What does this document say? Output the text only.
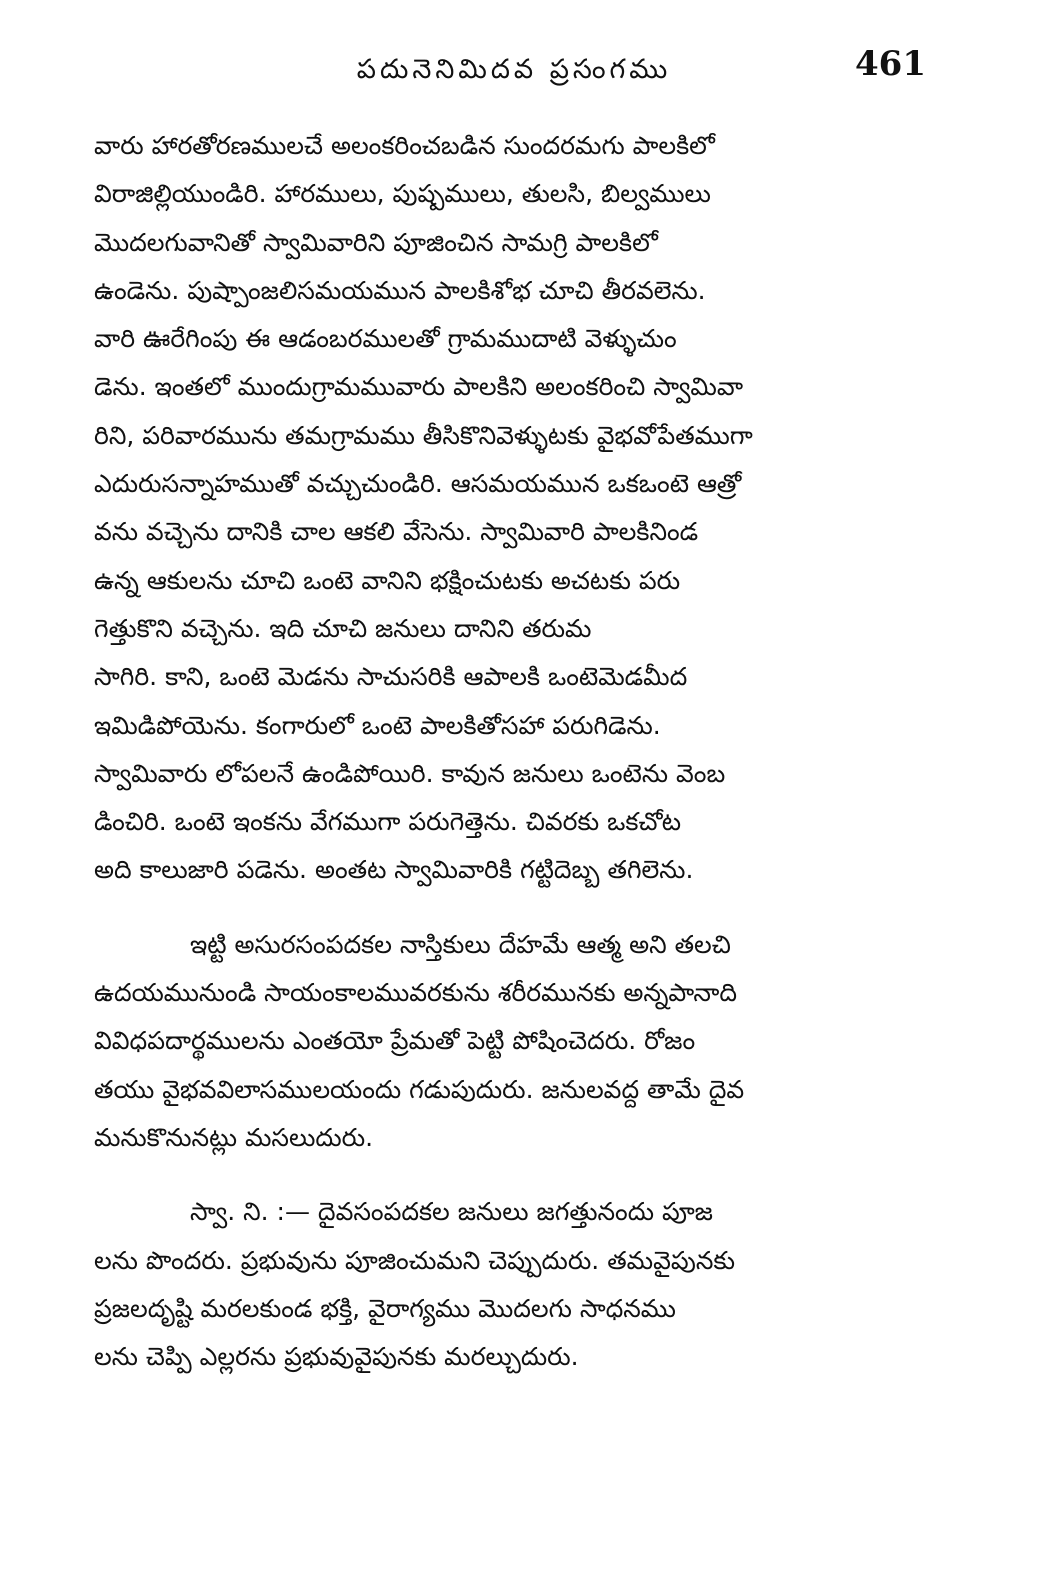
పదునెనిమిదవ ప్రసంగము	461

వారు హారతోరణములచే అలంకరించబడిన సుందరమగు పాలకిలో
విరాజిల్లియుండిరి. హారములు, పుష్పములు, తులసి, బిల్వములు
మొదలగువానితో స్వామివారిని పూజించిన సామగ్రి పాలకిలో
ఉండెను. పుష్పాంజలిసమయమున పాలకిశోభ చూచి తీరవలెను.
వారి ఊరేగింపు ఈ ఆడంబరములతో గ్రామముదాటి వెళ్ళుచుం
డెను. ఇంతలో ముందుగ్రామమువారు పాలకిని అలంకరించి స్వామివా
రిని, పరివారమును తమగ్రామము తీసికొనివెళ్ళుటకు వైభవోపేతముగా
ఎదురుసన్నాహముతో వచ్చుచుండిరి. ఆసమయమున ఒకఒంటె ఆత్రో
వను వచ్చెను దానికి చాల ఆకలి వేసెను. స్వామివారి పాలకినిండ
ఉన్న ఆకులను చూచి ఒంటె వానిని భక్షించుటకు అచటకు పరు
గెత్తుకొని వచ్చెను. ఇది చూచి జనులు దానిని తరుమ
సాగిరి. కాని, ఒంటె మెడను సాచుసరికి ఆపాలకి ఒంటెమెడమీద
ఇమిడిపోయెను. కంగారులో ఒంటె పాలకితోసహా పరుగిడెను.
స్వామివారు లోపలనే ఉండిపోయిరి. కావున జనులు ఒంటెను వెంబ
డించిరి. ఒంటె ఇంకను వేగముగా పరుగెత్తెను. చివరకు ఒకచోట
అది కాలుజారి పడెను. అంతట స్వామివారికి గట్టిదెబ్బ తగిలెను.

ఇట్టి అసురసంపదకల నాస్తికులు దేహమే ఆత్మ అని తలచి
ఉదయమునుండి సాయంకాలమువరకును శరీరమునకు అన్నపానాది
వివిధపదార్థములను ఎంతయో ప్రేమతో పెట్టి పోషించెదరు. రోజం
తయు వైభవవిలాసములయందు గడుపుదురు. జనులవద్ద తామే దైవ
మనుకొనునట్లు మసలుదురు.

స్వా. ని. :— దైవసంపదకల జనులు జగత్తునందు పూజ
లను పొందరు. ప్రభువును పూజించుమని చెప్పుదురు. తమవైపునకు
ప్రజలదృష్టి మరలకుండ భక్తి, వైరాగ్యము మొదలగు సాధనము
లను చెప్పి ఎల్లరను ప్రభువువైపునకు మరల్చుదురు.
